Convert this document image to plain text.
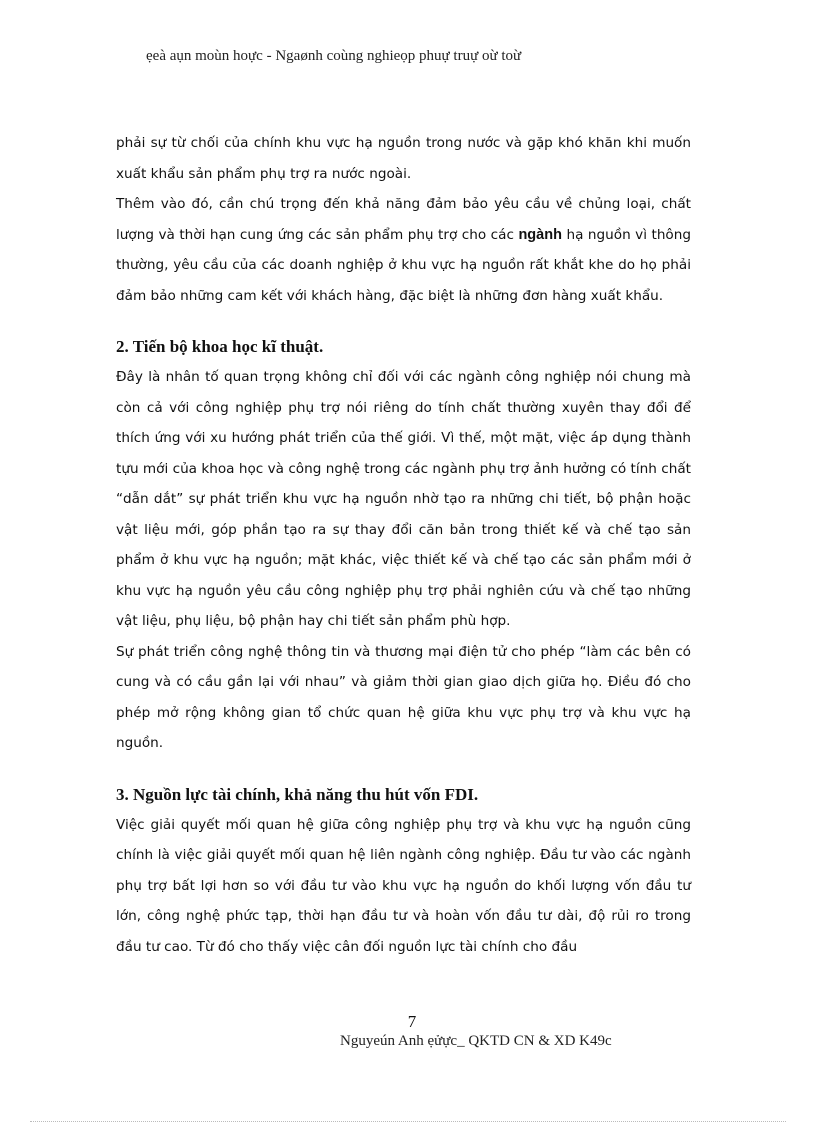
ẹeà aụn moùn hoực - Ngaønh coùng nghieọp phuự truự oừ toừ

phải sự từ chối của chính khu vực hạ nguồn trong nước và gặp khó khăn khi muốn xuất khẩu sản phẩm phụ trợ ra nước ngoài.

Thêm vào đó, cần chú trọng đến khả năng đảm bảo yêu cầu về chủng loại, chất lượng và thời hạn cung ứng các sản phẩm phụ trợ cho các ngành hạ nguồn vì thông thường, yêu cầu của các doanh nghiệp ở khu vực hạ nguồn rất khắt khe do họ phải đảm bảo những cam kết với khách hàng, đặc biệt là những đơn hàng xuất khẩu.

2. Tiến bộ khoa học kĩ thuật.

Đây là nhân tố quan trọng không chỉ đối với các ngành công nghiệp nói chung mà còn cả với công nghiệp phụ trợ nói riêng do tính chất thường xuyên thay đổi để thích ứng với xu hướng phát triển của thế giới. Vì thế, một mặt, việc áp dụng thành tựu mới của khoa học và công nghệ trong các ngành phụ trợ ảnh hưởng có tính chất “dẫn dắt” sự phát triển khu vực hạ nguồn nhờ tạo ra những chi tiết, bộ phận hoặc vật liệu mới, góp phần tạo ra sự thay đổi căn bản trong thiết kế và chế tạo sản phẩm ở khu vực hạ nguồn; mặt khác, việc thiết kế và chế tạo các sản phẩm mới ở khu vực hạ nguồn yêu cầu công nghiệp phụ trợ phải nghiên cứu và chế tạo những vật liệu, phụ liệu, bộ phận hay chi tiết sản phẩm phù hợp.

Sự phát triển công nghệ thông tin và thương mại điện tử cho phép “làm các bên có cung và có cầu gần lại với nhau” và giảm thời gian giao dịch giữa họ. Điều đó cho phép mở rộng không gian tổ chức quan hệ giữa khu vực phụ trợ và khu vực hạ nguồn.

3. Nguồn lực tài chính, khả năng thu hút vốn FDI.

Việc giải quyết mối quan hệ giữa công nghiệp phụ trợ và khu vực hạ nguồn cũng chính là việc giải quyết mối quan hệ liên ngành công nghiệp. Đầu tư vào các ngành phụ trợ bất lợi hơn so với đầu tư vào khu vực hạ nguồn do khối lượng vốn đầu tư lớn, công nghệ phức tạp, thời hạn đầu tư và hoàn vốn đầu tư dài, độ rủi ro trong đầu tư cao. Từ đó cho thấy việc cân đối nguồn lực tài chính cho đầu

7
Nguyeún Anh ẹửực_ QKTD CN & XD K49c
